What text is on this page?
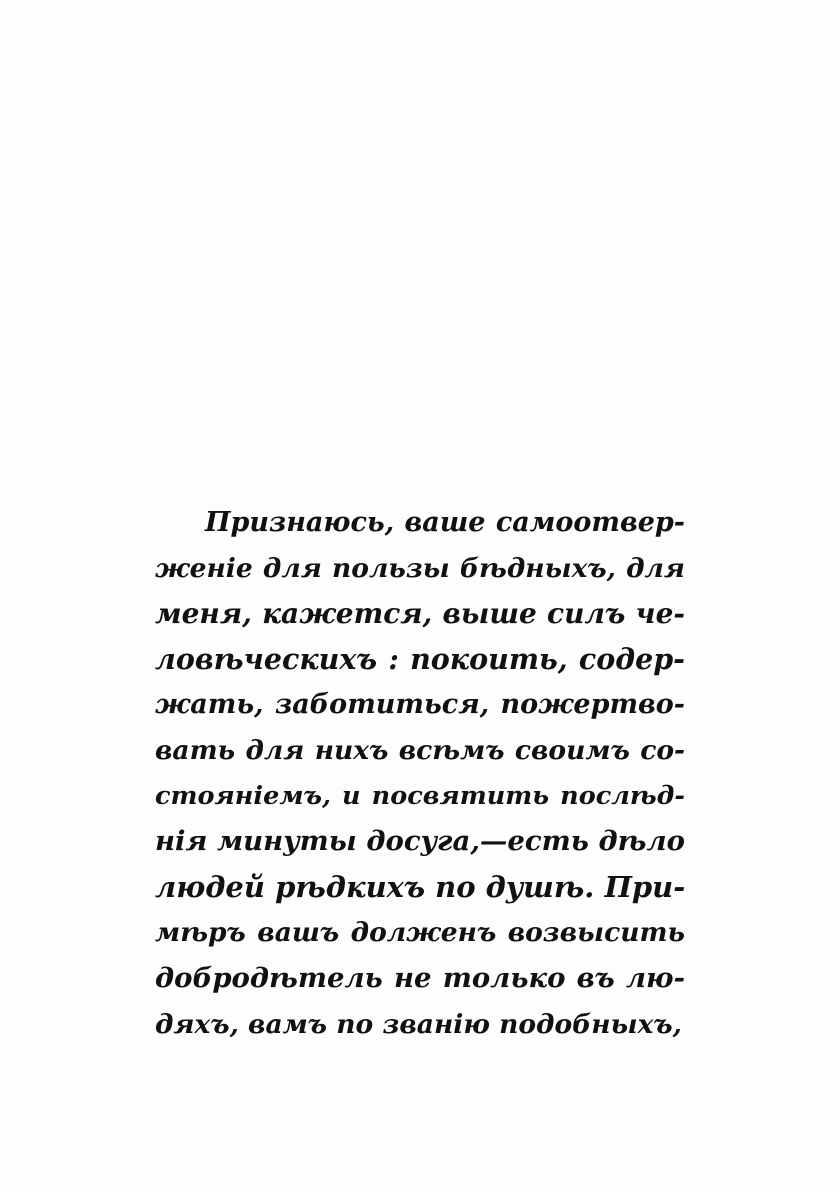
Признаюсь, ваше самоотвер-
женiе для пользы бѣдныхъ, для
меня, кажется, выше силъ че-
ловѣческихъ : покоить, содер-
жать, заботиться, пожертво-
вать для нихъ всѣмъ своимъ со-
стоянiемъ, и посвятить послѣд-
нiя минуты досуга,—есть дѣло
людей рѣдкихъ по душѣ. При-
мѣръ вашъ долженъ возвысить
добродѣтель не только въ лю-
дяхъ, вамъ по званiю подобныхъ,
